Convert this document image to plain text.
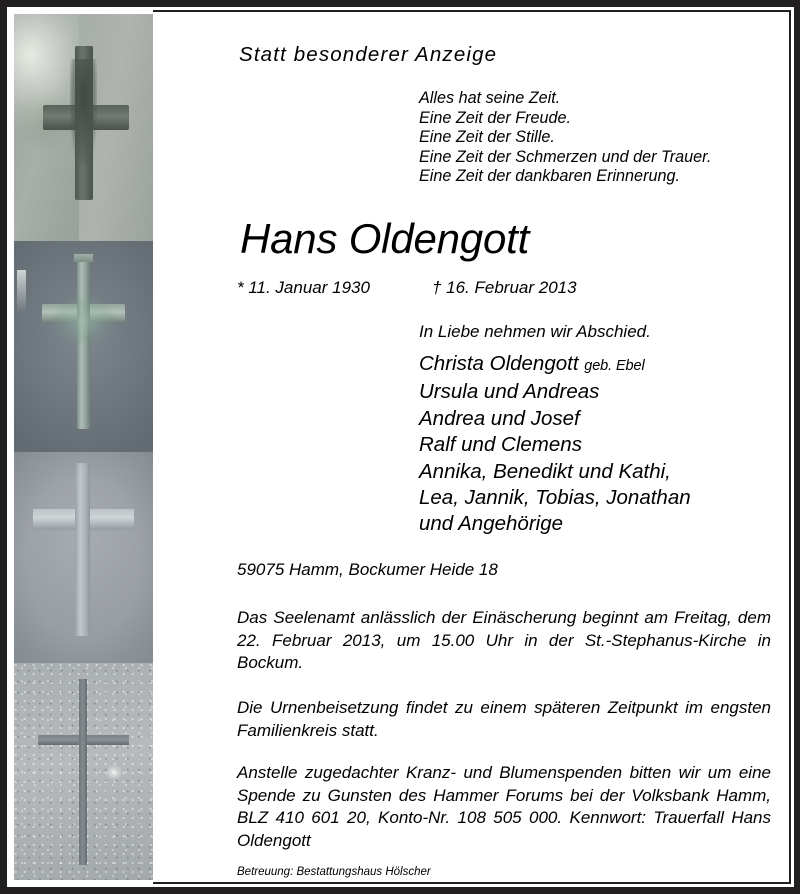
Statt besonderer Anzeige
Alles hat seine Zeit.
Eine Zeit der Freude.
Eine Zeit der Stille.
Eine Zeit der Schmerzen und der Trauer.
Eine Zeit der dankbaren Erinnerung.
Hans Oldengott
* 11. Januar 1930	† 16. Februar 2013
In Liebe nehmen wir Abschied.
Christa Oldengott geb. Ebel
Ursula und Andreas
Andrea und Josef
Ralf und Clemens
Annika, Benedikt und Kathi,
Lea, Jannik, Tobias, Jonathan
und Angehörige
59075 Hamm, Bockumer Heide 18
Das Seelenamt anlässlich der Einäscherung beginnt am Freitag, dem 22. Februar 2013, um 15.00 Uhr in der St.-Stephanus-Kirche in Bockum.
Die Urnenbeisetzung findet zu einem späteren Zeitpunkt im engsten Familienkreis statt.
Anstelle zugedachter Kranz- und Blumenspenden bitten wir um eine Spende zu Gunsten des Hammer Forums bei der Volksbank Hamm, BLZ 410 601 20, Konto-Nr. 108 505 000. Kennwort: Trauerfall Hans Oldengott
Betreuung: Bestattungshaus Hölscher
